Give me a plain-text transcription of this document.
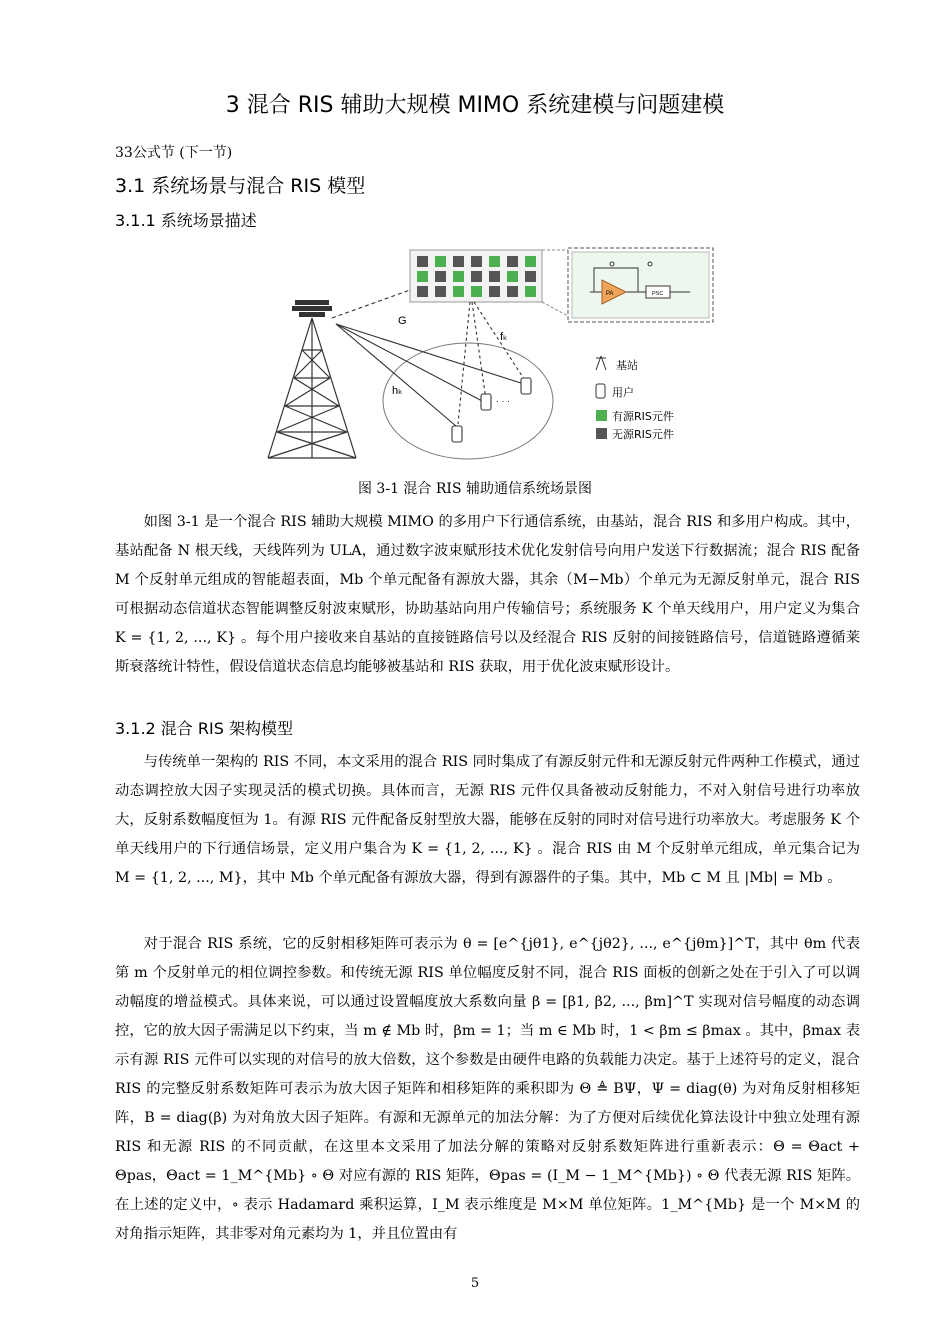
3 混合 RIS 辅助大规模 MIMO 系统建模与问题建模
33公式节 (下一节)
3.1 系统场景与混合 RIS 模型
3.1.1 系统场景描述
PA	PSC
G
fₖ
hₖ
· · ·
基站
用户
有源RIS元件
无源RIS元件
图 3-1 混合 RIS 辅助通信系统场景图

如图 3-1 是一个混合 RIS 辅助大规模 MIMO 的多用户下行通信系统，由基站，混合 RIS 和多用户构成。其中，基站配备 N 根天线，天线阵列为 ULA，通过数字波束赋形技术优化发射信号向用户发送下行数据流；混合 RIS 配备 M 个反射单元组成的智能超表面，Mb 个单元配备有源放大器，其余（M−Mb）个单元为无源反射单元，混合 RIS 可根据动态信道状态智能调整反射波束赋形，协助基站向用户传输信号；系统服务 K 个单天线用户，用户定义为集合 K = {1, 2, ..., K} 。每个用户接收来自基站的直接链路信号以及经混合 RIS 反射的间接链路信号，信道链路遵循莱斯衰落统计特性，假设信道状态信息均能够被基站和 RIS 获取，用于优化波束赋形设计。

3.1.2 混合 RIS 架构模型

与传统单一架构的 RIS 不同，本文采用的混合 RIS 同时集成了有源反射元件和无源反射元件两种工作模式，通过动态调控放大因子实现灵活的模式切换。具体而言，无源 RIS 元件仅具备被动反射能力，不对入射信号进行功率放大，反射系数幅度恒为 1。有源 RIS 元件配备反射型放大器，能够在反射的同时对信号进行功率放大。考虑服务 K 个单天线用户的下行通信场景，定义用户集合为 K = {1, 2, ..., K} 。混合 RIS 由 M 个反射单元组成，单元集合记为 M = {1, 2, ..., M}，其中 Mb 个单元配备有源放大器，得到有源器件的子集。其中，Mb ⊂ M 且 |Mb| = Mb 。

对于混合 RIS 系统，它的反射相移矩阵可表示为 θ = [e^{jθ1}, e^{jθ2}, ..., e^{jθm}]^T，其中 θm 代表第 m 个反射单元的相位调控参数。和传统无源 RIS 单位幅度反射不同，混合 RIS 面板的创新之处在于引入了可以调动幅度的增益模式。具体来说，可以通过设置幅度放大系数向量 β = [β1, β2, ..., βm]^T 实现对信号幅度的动态调控，它的放大因子需满足以下约束，当 m ∉ Mb 时，βm = 1；当 m ∈ Mb 时，1 < βm ≤ βmax 。其中，βmax 表示有源 RIS 元件可以实现的对信号的放大倍数，这个参数是由硬件电路的负载能力决定。基于上述符号的定义，混合 RIS 的完整反射系数矩阵可表示为放大因子矩阵和相移矩阵的乘积即为 Θ ≜ BΨ，Ψ = diag(θ) 为对角反射相移矩阵，B = diag(β) 为对角放大因子矩阵。有源和无源单元的加法分解：为了方便对后续优化算法设计中独立处理有源 RIS 和无源 RIS 的不同贡献，在这里本文采用了加法分解的策略对反射系数矩阵进行重新表示：Θ = Θact + Θpas，Θact = 1_M^{Mb} ∘ Θ 对应有源的 RIS 矩阵，Θpas = (I_M − 1_M^{Mb}) ∘ Θ 代表无源 RIS 矩阵。在上述的定义中，∘ 表示 Hadamard 乘积运算，I_M 表示维度是 M×M 单位矩阵。1_M^{Mb} 是一个 M×M 的对角指示矩阵，其非零对角元素均为 1，并且位置由有

5
